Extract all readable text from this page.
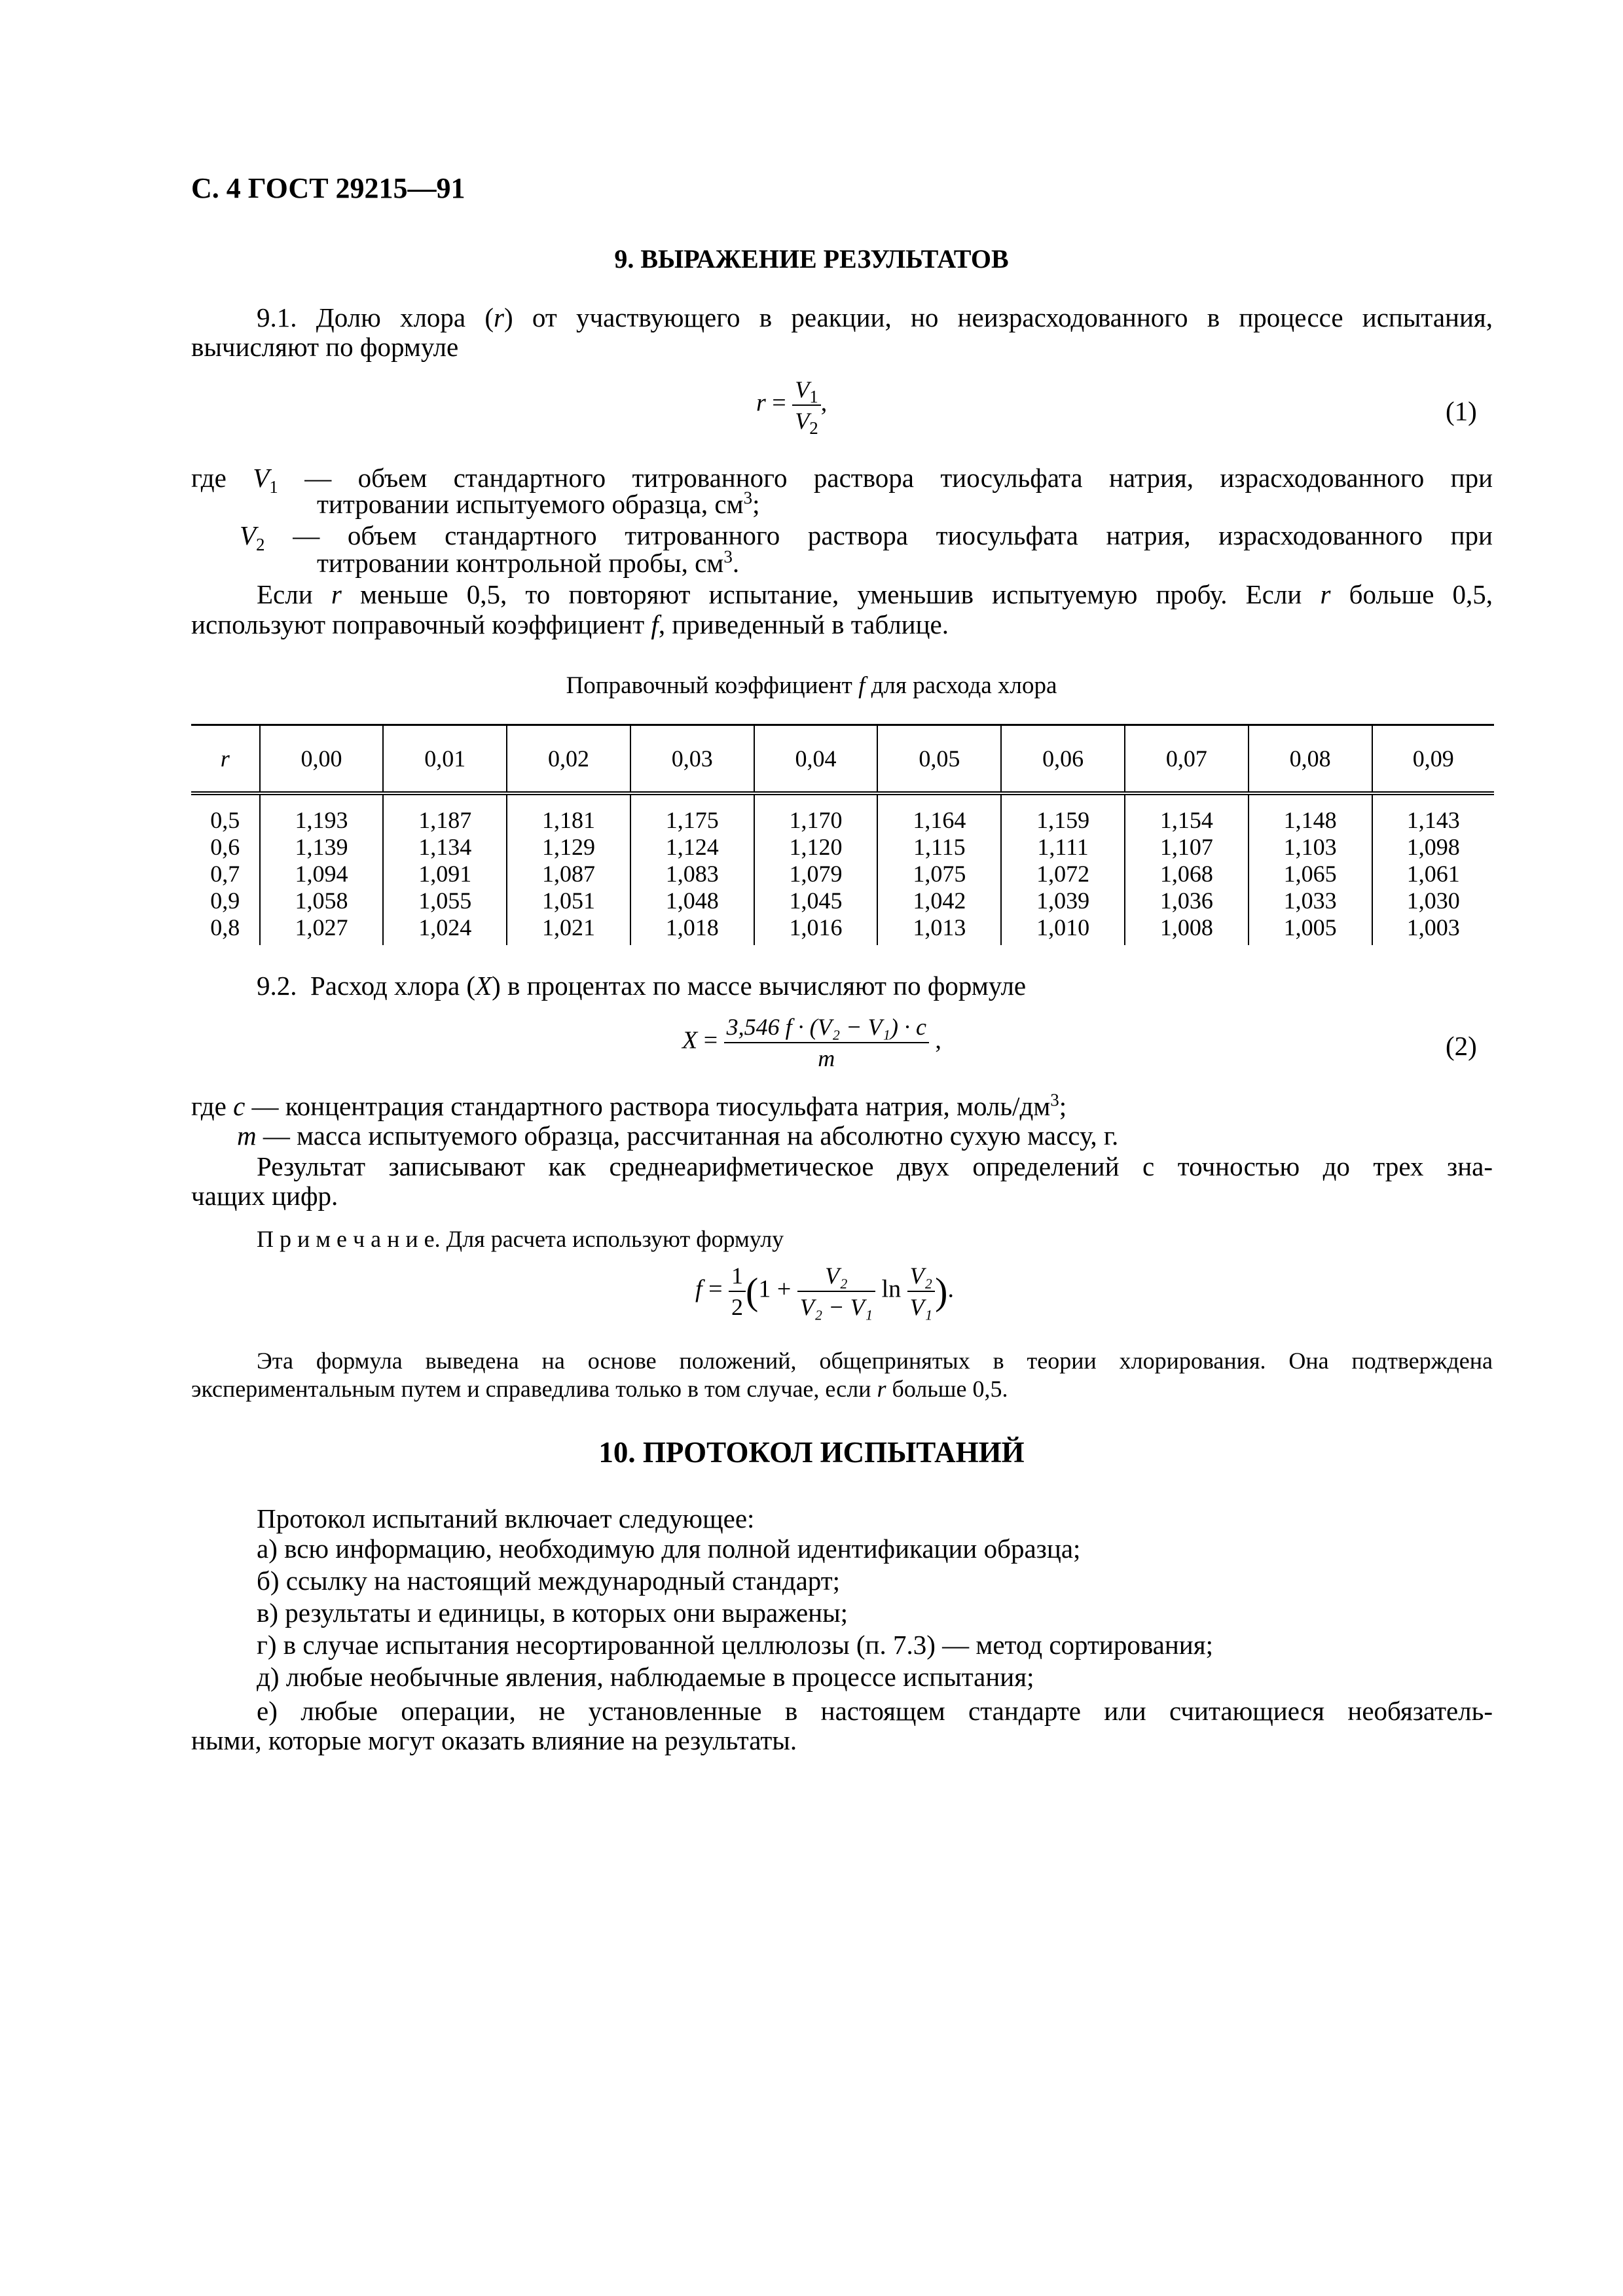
С. 4 ГОСТ 29215—91
9. ВЫРАЖЕНИЕ РЕЗУЛЬТАТОВ

9.1. Долю хлора (r) от участвующего в реакции, но неизрасходованного в процессе испытания,

вычисляют по формуле

$r = \frac{V_1}{V_2}$ ,	(1)

где $V_1$ — объем стандартного титрованного раствора тиосульфата натрия, израсходованного при

титровании испытуемого образца, $см^3$;

$V_2$ — объем стандартного титрованного раствора тиосульфата натрия, израсходованного при

титровании контрольной пробы, $см^3$.

Если r меньше 0,5, то повторяют испытание, уменьшив испытуемую пробу. Если r больше 0,5,

используют поправочный коэффициент f, приведенный в таблице.

Поправочный коэффициент f для расхода хлора
r	0,00	0,01	0,02	0,03	0,04	0,05	0,06	0,07	0,08	0,09
0,5	1,193	1,187	1,181	1,175	1,170	1,164	1,159	1,154	1,148	1,143
0,6	1,139	1,134	1,129	1,124	1,120	1,115	1,111	1,107	1,103	1,098
0,7	1,094	1,091	1,087	1,083	1,079	1,075	1,072	1,068	1,065	1,061
0,9	1,058	1,055	1,051	1,048	1,045	1,042	1,039	1,036	1,033	1,030
0,8	1,027	1,024	1,021	1,018	1,016	1,013	1,010	1,008	1,005	1,003

9.2. Расход хлора (X) в процентах по массе вычисляют по формуле

$X = \frac{\text{3,546 f · (V₂ − V₁) · c}}{m}$ ,	(2)

где c — концентрация стандартного раствора тиосульфата натрия, моль/$дм^3$;

m — масса испытуемого образца, рассчитанная на абсолютно сухую массу, г.

Результат записывают как среднеарифметическое двух определений с точностью до трех зна-

чащих цифр.

П р и м е ч а н и е. Для расчета используют формулу

$f = \frac{1}{2} (1 + \frac{\text{V₂}}{\text{V₂ − V₁}}$ $\ln \frac{\text{V₂}}{\text{V₁}}$ ).

Эта формула выведена на основе положений, общепринятых в теории хлорирования. Она подтверждена

экспериментальным путем и справедлива только в том случае, если r больше 0,5.

10. ПРОТОКОЛ ИСПЫТАНИЙ

Протокол испытаний включает следующее:

а) всю информацию, необходимую для полной идентификации образца;

б) ссылку на настоящий международный стандарт;

в) результаты и единицы, в которых они выражены;

г) в случае испытания несортированной целлюлозы (п. 7.3) — метод сортирования;

д) любые необычные явления, наблюдаемые в процессе испытания;

е) любые операции, не установленные в настоящем стандарте или считающиеся необязатель-

ными, которые могут оказать влияние на результаты.
